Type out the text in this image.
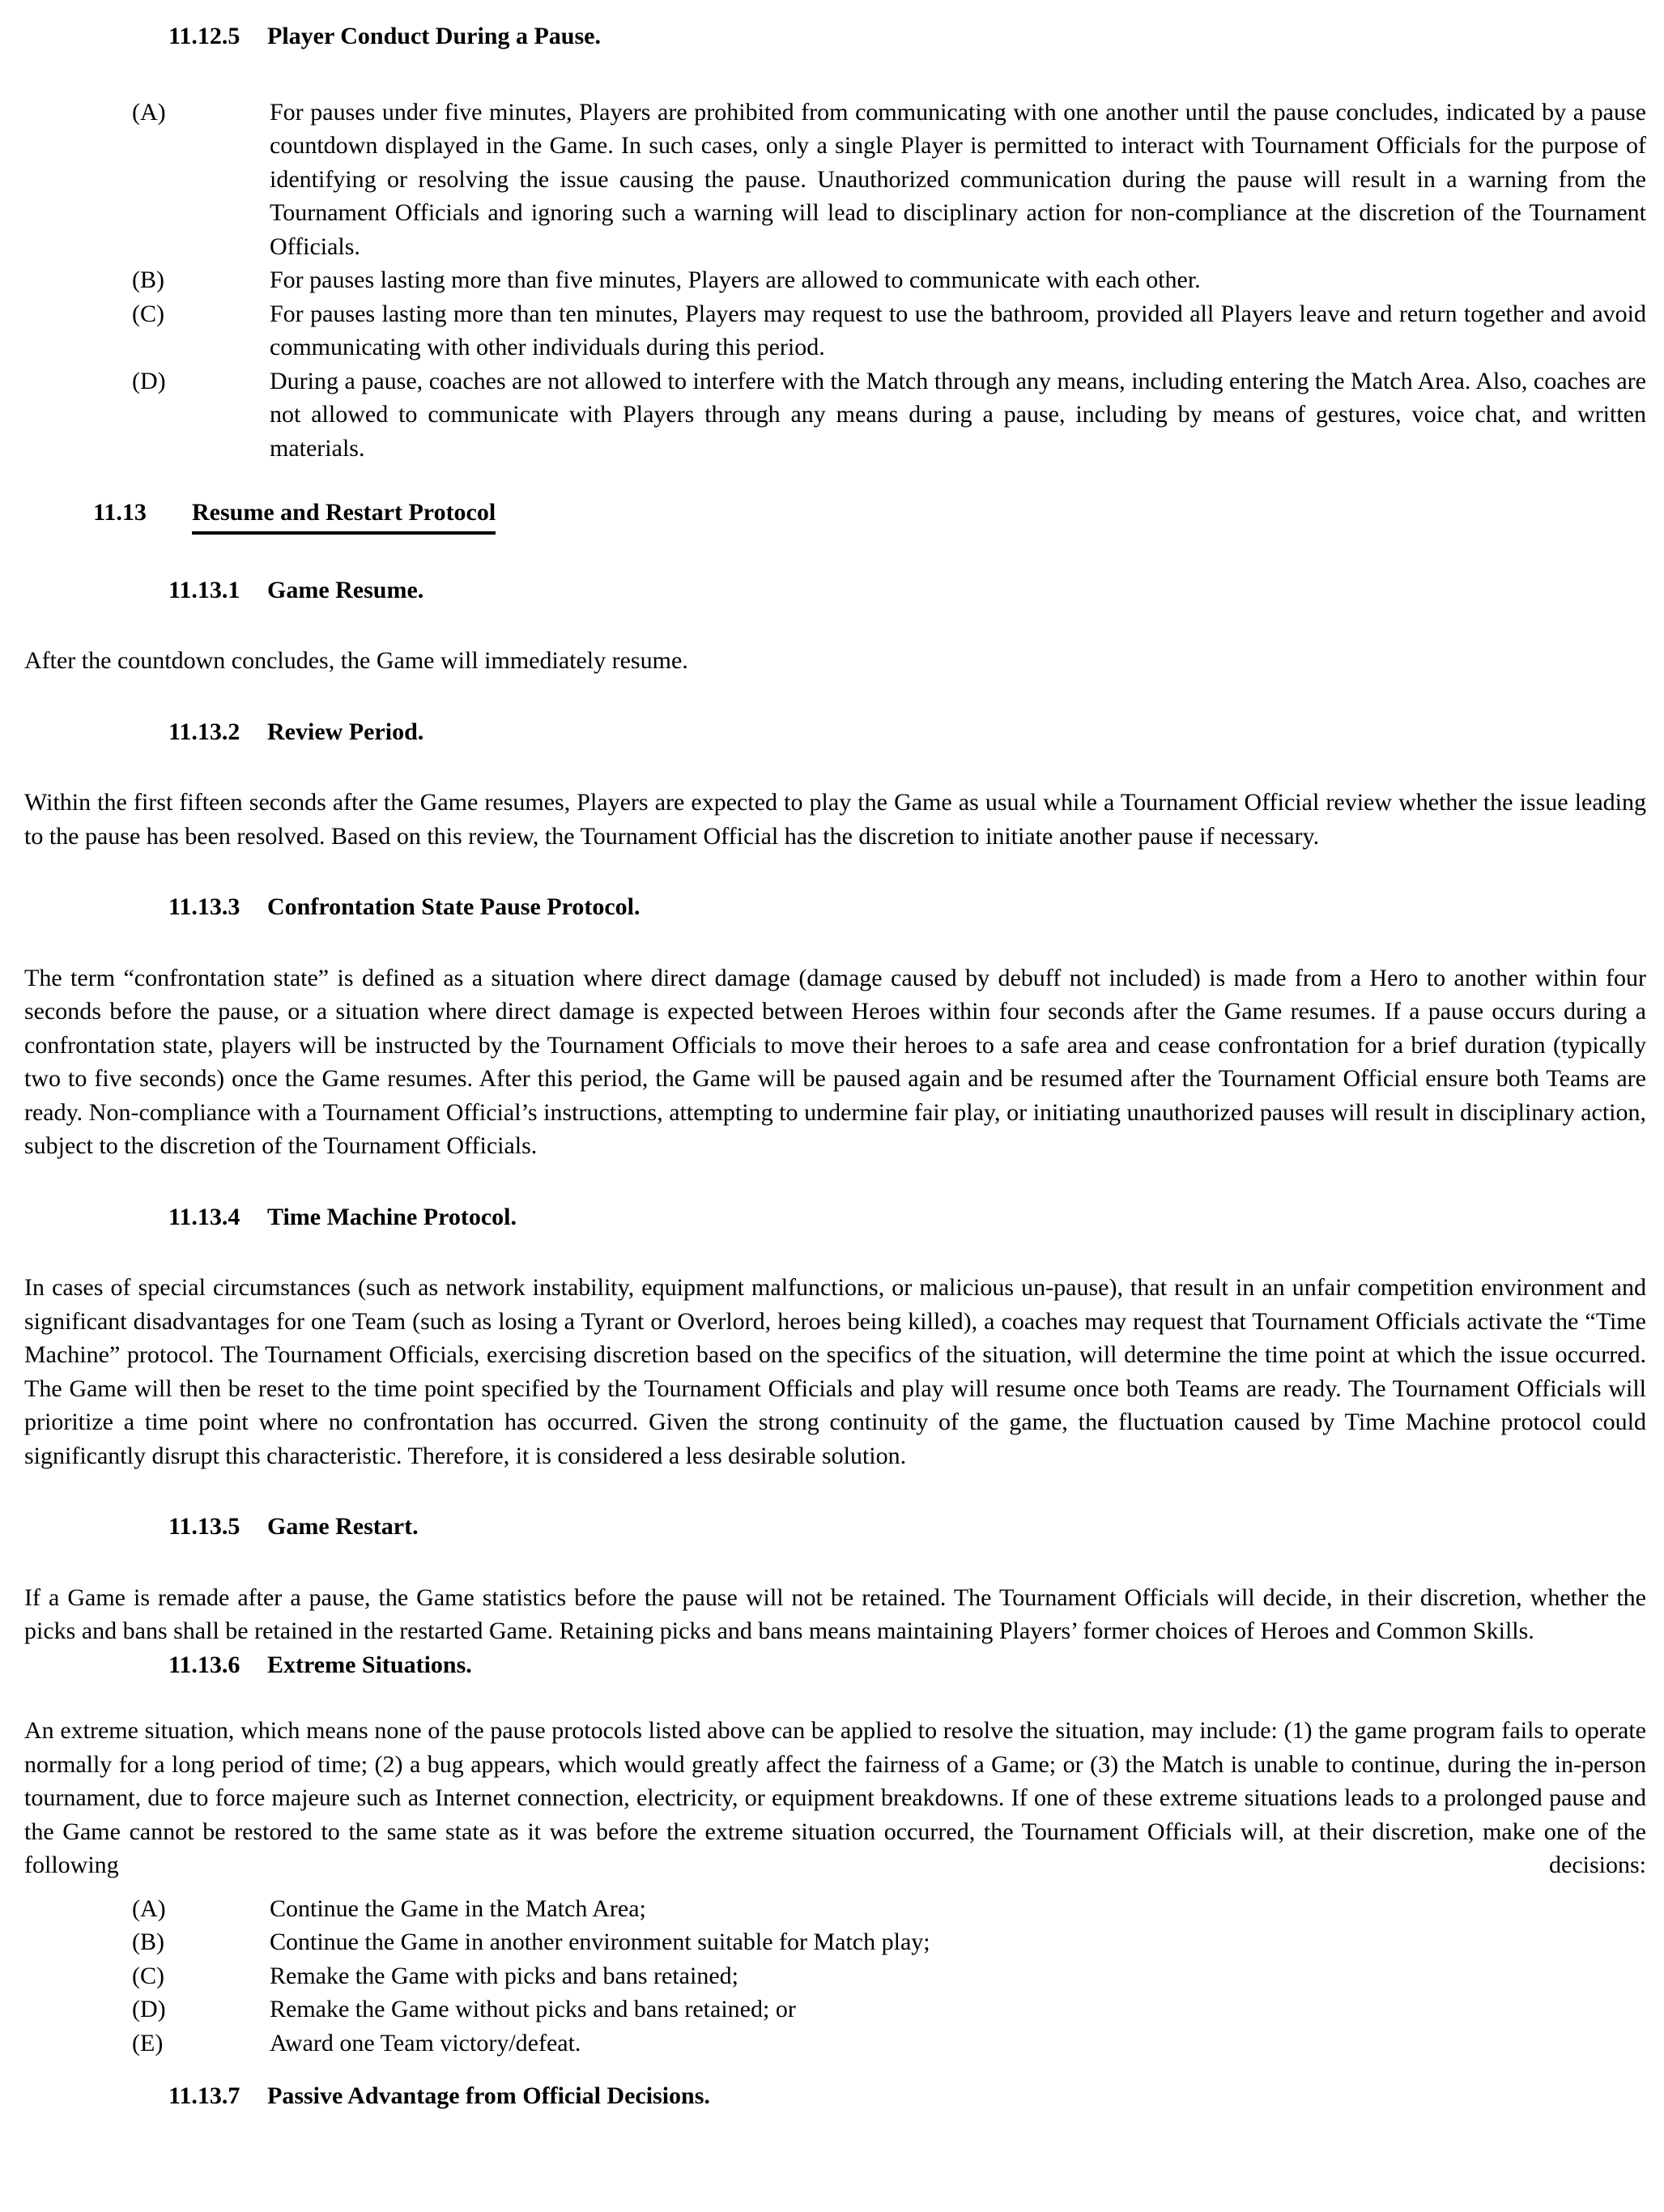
11.12.5 Player Conduct During a Pause.
(A)	For pauses under five minutes, Players are prohibited from communicating with one another until the pause concludes, indicated by a pause countdown displayed in the Game. In such cases, only a single Player is permitted to interact with Tournament Officials for the purpose of identifying or resolving the issue causing the pause. Unauthorized communication during the pause will result in a warning from the Tournament Officials and ignoring such a warning will lead to disciplinary action for non-compliance at the discretion of the Tournament Officials.
(B)	For pauses lasting more than five minutes, Players are allowed to communicate with each other.
(C)	For pauses lasting more than ten minutes, Players may request to use the bathroom, provided all Players leave and return together and avoid communicating with other individuals during this period.
(D)	During a pause, coaches are not allowed to interfere with the Match through any means, including entering the Match Area. Also, coaches are not allowed to communicate with Players through any means during a pause, including by means of gestures, voice chat, and written materials.
11.13 Resume and Restart Protocol
11.13.1 Game Resume.

After the countdown concludes, the Game will immediately resume.

11.13.2 Review Period.

Within the first fifteen seconds after the Game resumes, Players are expected to play the Game as usual while a Tournament Official review whether the issue leading to the pause has been resolved. Based on this review, the Tournament Official has the discretion to initiate another pause if necessary.

11.13.3 Confrontation State Pause Protocol.

The term “confrontation state” is defined as a situation where direct damage (damage caused by debuff not included) is made from a Hero to another within four seconds before the pause, or a situation where direct damage is expected between Heroes within four seconds after the Game resumes. If a pause occurs during a confrontation state, players will be instructed by the Tournament Officials to move their heroes to a safe area and cease confrontation for a brief duration (typically two to five seconds) once the Game resumes. After this period, the Game will be paused again and be resumed after the Tournament Official ensure both Teams are ready. Non-compliance with a Tournament Official’s instructions, attempting to undermine fair play, or initiating unauthorized pauses will result in disciplinary action, subject to the discretion of the Tournament Officials.

11.13.4 Time Machine Protocol.

In cases of special circumstances (such as network instability, equipment malfunctions, or malicious un-pause), that result in an unfair competition environment and significant disadvantages for one Team (such as losing a Tyrant or Overlord, heroes being killed), a coaches may request that Tournament Officials activate the “Time Machine” protocol. The Tournament Officials, exercising discretion based on the specifics of the situation, will determine the time point at which the issue occurred. The Game will then be reset to the time point specified by the Tournament Officials and play will resume once both Teams are ready. The Tournament Officials will prioritize a time point where no confrontation has occurred. Given the strong continuity of the game, the fluctuation caused by Time Machine protocol could significantly disrupt this characteristic. Therefore, it is considered a less desirable solution.

11.13.5 Game Restart.

If a Game is remade after a pause, the Game statistics before the pause will not be retained. The Tournament Officials will decide, in their discretion, whether the picks and bans shall be retained in the restarted Game. Retaining picks and bans means maintaining Players’ former choices of Heroes and Common Skills.

11.13.6 Extreme Situations.

An extreme situation, which means none of the pause protocols listed above can be applied to resolve the situation, may include: (1) the game program fails to operate normally for a long period of time; (2) a bug appears, which would greatly affect the fairness of a Game; or (3) the Match is unable to continue, during the in-person tournament, due to force majeure such as Internet connection, electricity, or equipment breakdowns. If one of these extreme situations leads to a prolonged pause and the Game cannot be restored to the same state as it was before the extreme situation occurred, the Tournament Officials will, at their discretion, make one of the following decisions:

(A)	Continue the Game in the Match Area;
(B)	Continue the Game in another environment suitable for Match play;
(C)	Remake the Game with picks and bans retained;
(D)	Remake the Game without picks and bans retained; or
(E)	Award one Team victory/defeat.
11.13.7 Passive Advantage from Official Decisions.
